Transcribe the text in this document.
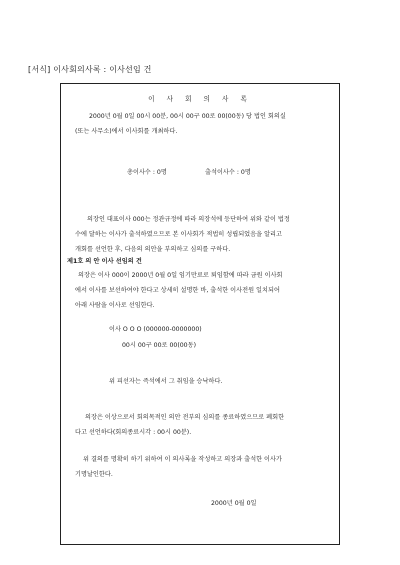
[서식] 이사회의사록 : 이사선임 건
이 사 회 의 사 록
2000년 0월 0일 00시 00분, 00시 00구 00로 00(00동) 당 법인 회의실
(또는 사무소)에서 이사회를 개최하다.
총이사수 : 0명	출석이사수 : 0명
의장인 대표이사 000는 정관규정에 따라 의장석에 등단하여 위와 같이 법정
수에 달하는 이사가 출석하였으므로 본 이사회가 적법히 성립되었음을 알리고
개회를 선언한 후, 다음의 의안을 부의하고 심의를 구하다.
제1호 의 안 이사 선임의 건
의장은 이사 000이 2000년 0월 0일 임기만료로 퇴임함에 따라 금원 이사회
에서 이사를 보선하여야 한다고 상세히 설명한 바, 출석한 이사전원 일치되어
아래 사람을 이사로 선임한다.
이사 O O O (000000-0000000)
00시 00구 00로 00(00동)
위 피선자는 즉석에서 그 취임을 승낙하다.
의장은 이상으로서 회의목적인 의안 전부의 심의를 종료하였으므로 폐회한
다고 선언하다(회의종료시각 : 00시 00분).
위 결의를 명확히 하기 위하여 이 의사록을 작성하고 의장과 출석한 이사가
기명날인한다.
2000년 0월 0일
